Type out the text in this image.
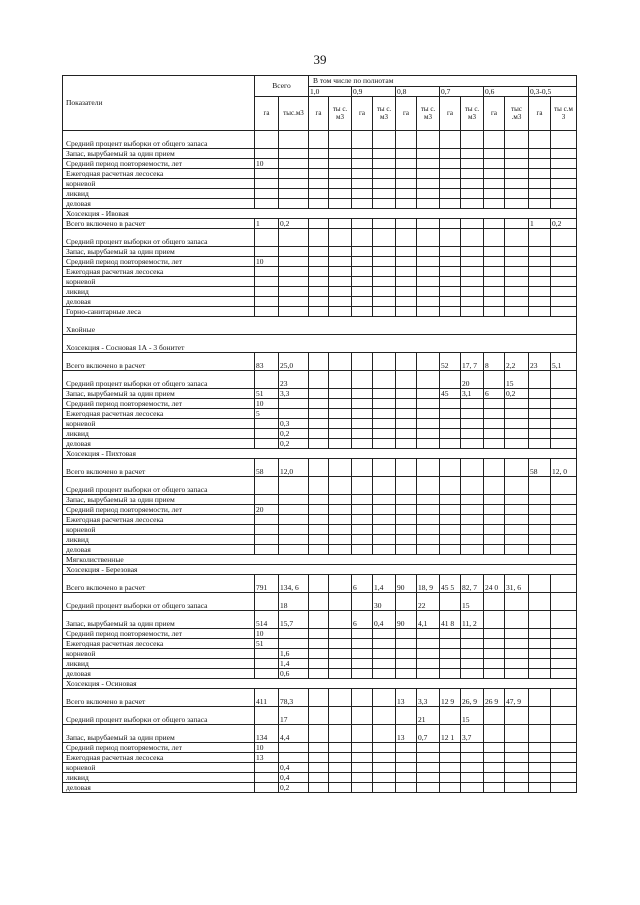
39
Показатели	Всего		В том числе по полнотам											
			1,0		0,9		0,8		0,7		0,6		0,3-0,5	
	га	тыс.м3	га	ты с. м3	га	ты с. м3	га	ты с. м3	га	ты с. м3	га	тыс .м3	га	ты с.м 3
Средний процент выборки от общего запаса														
Запас, вырубаемый за один прием														
Средний период повторяемости, лет	10													
Ежегодная расчетная лесосека														
корневой														
ликвид														
деловая														
Хозсекция - Ивовая														
Всего включено в расчет	1	0,2											1	0,2
Средний процент выборки от общего запаса														
Запас, вырубаемый за один прием														
Средний период повторяемости, лет	10													
Ежегодная расчетная лесосека														
корневой														
ликвид														
деловая														
Горно-санитарные леса														
Хвойные														
Хозсекция - Сосновая 1А - 3 бонитет														
Всего включено в расчет	83	25,0							52	17, 7	8	2,2	23	5,1
Средний процент выборки от общего запаса		23								20		15		
Запас, вырубаемый за один прием	51	3,3							45	3,1	6	0,2		
Средний период повторяемости, лет	10													
Ежегодная расчетная лесосека	5													
корневой		0,3												
ликвид		0,2												
деловая		0,2												
Хозсекция - Пихтовая														
Всего включено в расчет	58	12,0											58	12, 0
Средний процент выборки от общего запаса														
Запас, вырубаемый за один прием														
Средний период повторяемости, лет	20													
Ежегодная расчетная лесосека														
корневой														
ликвид														
деловая														
Мягколиственные														
Хозсекция - Березовая														
Всего включено в расчет	791	134, 6			6	1,4	90	18, 9	45 5	82, 7	24 0	31, 6		
Средний процент выборки от общего запаса		18				30		22		15				
Запас, вырубаемый за один прием	514	15,7			6	0,4	90	4,1	41 8	11, 2				
Средний период повторяемости, лет	10													
Ежегодная расчетная лесосека	51													
корневой		1,6												
ликвид		1,4												
деловая		0,6												
Хозсекция - Осиновая														
Всего включено в расчет	411	78,3					13	3,3	12 9	26, 9	26 9	47, 9		
Средний процент выборки от общего запаса		17						21		15				
Запас, вырубаемый за один прием	134	4,4					13	0,7	12 1	3,7				
Средний период повторяемости, лет	10													
Ежегодная расчетная лесосека	13													
корневой		0,4												
ликвид		0,4												
деловая		0,2												
